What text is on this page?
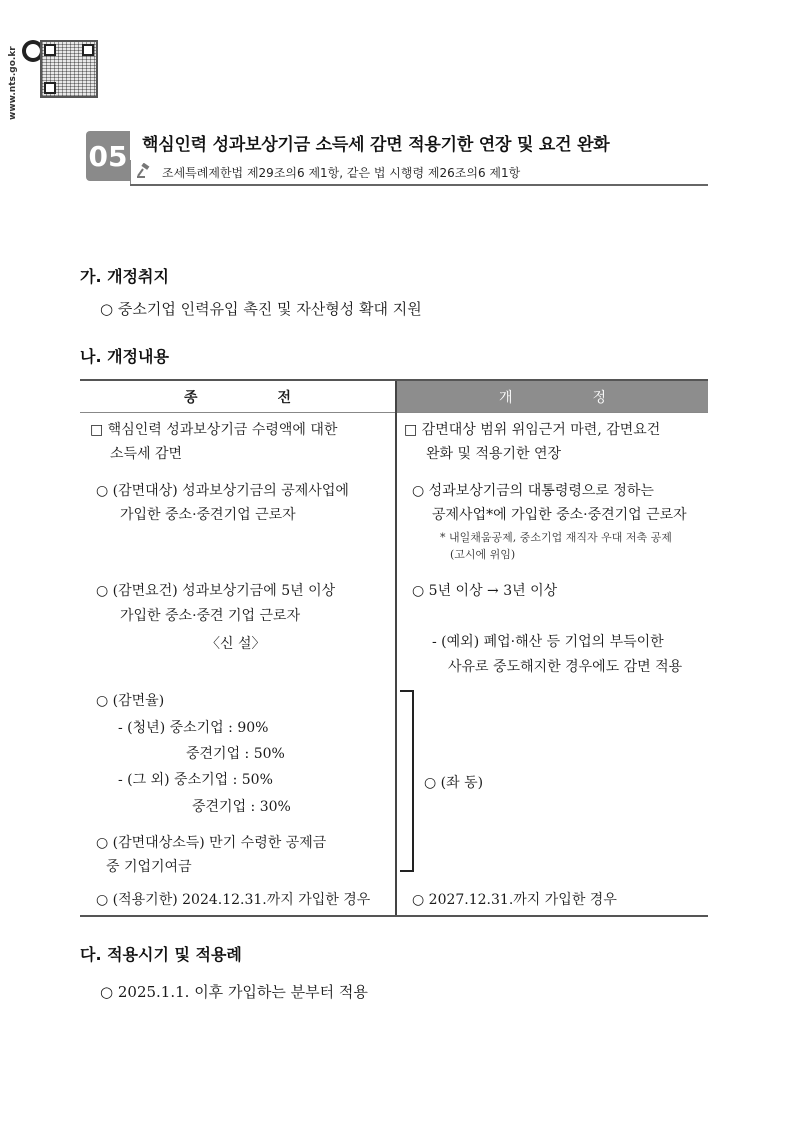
www.nts.go.kr
05 핵심인력 성과보상기금 소득세 감면 적용기한 연장 및 요건 완화
조세특례제한법 제29조의6 제1항, 같은 법 시행령 제26조의6 제1항
가. 개정취지
○ 중소기업 인력유입 촉진 및 자산형성 확대 지원
나. 개정내용
종전	개정
□ 핵심인력 성과보상기금 수령액에 대한
소득세 감면
○ (감면대상) 성과보상기금의 공제사업에
가입한 중소·중견기업 근로자
○ (감면요건) 성과보상기금에 5년 이상
가입한 중소·중견 기업 근로자
〈신 설〉
○ (감면율)
- (청년) 중소기업 : 90%
중견기업 : 50%
- (그 외) 중소기업 : 50%
중견기업 : 30%
○ (감면대상소득) 만기 수령한 공제금
중 기업기여금
○ (적용기한) 2024.12.31.까지 가입한 경우
□ 감면대상 범위 위임근거 마련, 감면요건
완화 및 적용기한 연장
○ 성과보상기금의 대통령령으로 정하는
공제사업*에 가입한 중소·중견기업 근로자
* 내일채움공제, 중소기업 재직자 우대 저축 공제
(고시에 위임)
○ 5년 이상 → 3년 이상
- (예외) 폐업·해산 등 기업의 부득이한
사유로 중도해지한 경우에도 감면 적용
○ (좌 동)
○ 2027.12.31.까지 가입한 경우
다. 적용시기 및 적용례
○ 2025.1.1. 이후 가입하는 분부터 적용
